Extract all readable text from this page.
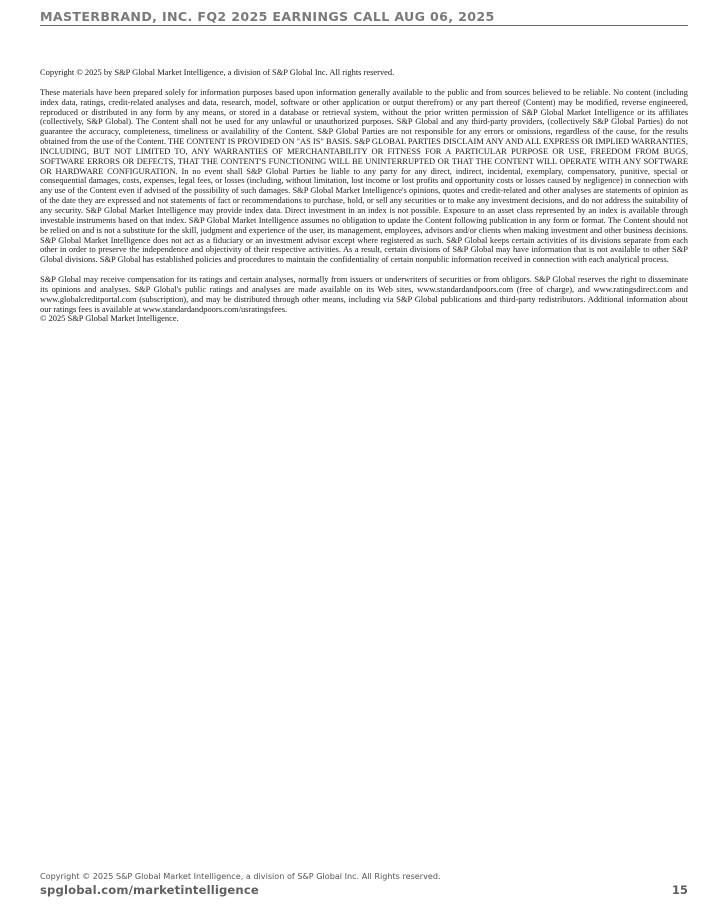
MASTERBRAND, INC. FQ2 2025 EARNINGS CALL AUG 06, 2025

Copyright © 2025 by S&P Global Market Intelligence, a division of S&P Global Inc. All rights reserved.

These materials have been prepared solely for information purposes based upon information generally available to the public and from sources believed to be reliable. No content (including index data, ratings, credit-related analyses and data, research, model, software or other application or output therefrom) or any part thereof (Content) may be modified, reverse engineered, reproduced or distributed in any form by any means, or stored in a database or retrieval system, without the prior written permission of S&P Global Market Intelligence or its affiliates (collectively, S&P Global). The Content shall not be used for any unlawful or unauthorized purposes. S&P Global and any third-party providers, (collectively S&P Global Parties) do not guarantee the accuracy, completeness, timeliness or availability of the Content. S&P Global Parties are not responsible for any errors or omissions, regardless of the cause, for the results obtained from the use of the Content. THE CONTENT IS PROVIDED ON "AS IS" BASIS. S&P GLOBAL PARTIES DISCLAIM ANY AND ALL EXPRESS OR IMPLIED WARRANTIES, INCLUDING, BUT NOT LIMITED TO, ANY WARRANTIES OF MERCHANTABILITY OR FITNESS FOR A PARTICULAR PURPOSE OR USE, FREEDOM FROM BUGS, SOFTWARE ERRORS OR DEFECTS, THAT THE CONTENT'S FUNCTIONING WILL BE UNINTERRUPTED OR THAT THE CONTENT WILL OPERATE WITH ANY SOFTWARE OR HARDWARE CONFIGURATION. In no event shall S&P Global Parties be liable to any party for any direct, indirect, incidental, exemplary, compensatory, punitive, special or consequential damages, costs, expenses, legal fees, or losses (including, without limitation, lost income or lost profits and opportunity costs or losses caused by negligence) in connection with any use of the Content even if advised of the possibility of such damages. S&P Global Market Intelligence's opinions, quotes and credit-related and other analyses are statements of opinion as of the date they are expressed and not statements of fact or recommendations to purchase, hold, or sell any securities or to make any investment decisions, and do not address the suitability of any security. S&P Global Market Intelligence may provide index data. Direct investment in an index is not possible. Exposure to an asset class represented by an index is available through investable instruments based on that index. S&P Global Market Intelligence assumes no obligation to update the Content following publication in any form or format. The Content should not be relied on and is not a substitute for the skill, judgment and experience of the user, its management, employees, advisors and/or clients when making investment and other business decisions. S&P Global Market Intelligence does not act as a fiduciary or an investment advisor except where registered as such. S&P Global keeps certain activities of its divisions separate from each other in order to preserve the independence and objectivity of their respective activities. As a result, certain divisions of S&P Global may have information that is not available to other S&P Global divisions. S&P Global has established policies and procedures to maintain the confidentiality of certain nonpublic information received in connection with each analytical process.

S&P Global may receive compensation for its ratings and certain analyses, normally from issuers or underwriters of securities or from obligors. S&P Global reserves the right to disseminate its opinions and analyses. S&P Global's public ratings and analyses are made available on its Web sites, www.standardandpoors.com (free of charge), and www.ratingsdirect.com and www.globalcreditportal.com (subscription), and may be distributed through other means, including via S&P Global publications and third-party redistributors. Additional information about our ratings fees is available at www.standardandpoors.com/usratingsfees.

© 2025 S&P Global Market Intelligence.

Copyright © 2025 S&P Global Market Intelligence, a division of S&P Global Inc. All Rights reserved.
spglobal.com/marketintelligence	15
